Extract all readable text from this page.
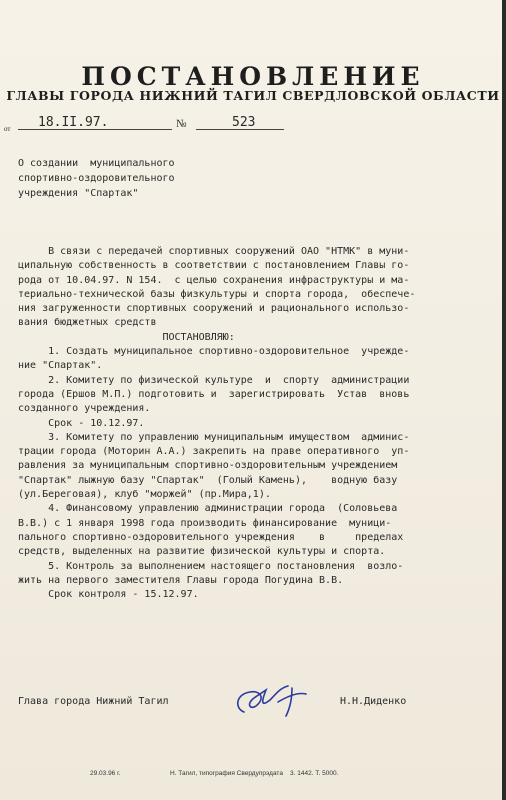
ПОСТАНОВЛЕНИЕ
ГЛАВЫ ГОРОДА НИЖНИЙ ТАГИЛ СВЕРДЛОВСКОЙ ОБЛАСТИ
от 18.II.97.	№	523
О создании  муниципального
спортивно-оздоровительного
учреждения "Спартак"
В связи с передачей спортивных сооружений ОАО "НТМК" в муни-
ципальную собственность в соответствии с постановлением Главы го-
рода от 10.04.97. N 154.  с целью сохранения инфраструктуры и ма-
териально-технической базы физкультуры и спорта города,  обеспече-
ния загруженности спортивных сооружений и рационального использо-
вания бюджетных средств
ПОСТАНОВЛЯЮ:
1. Создать муниципальное спортивно-оздоровительное  учрежде-
ние "Спартак".
2. Комитету по физической культуре  и  спорту  администрации
города (Ершов М.П.) подготовить и  зарегистрировать  Устав  вновь
созданного учреждения.
Срок - 10.12.97.
3. Комитету по управлению муниципальным имуществом  админис-
трации города (Моторин А.А.) закрепить на праве оперативного  уп-
равления за муниципальным спортивно-оздоровительным учреждением
"Спартак" лыжную базу "Спартак"  (Голый Камень),    водную базу
(ул.Береговая), клуб "моржей" (пр.Мира,1).
4. Финансовому управлению администрации города  (Соловьева
В.В.) с 1 января 1998 года производить финансирование  муници-
пального спортивно-оздоровительного учреждения    в     пределах
средств, выделенных на развитие физической культуры и спорта.
5. Контроль за выполнением настоящего постановления  возло-
жить на первого заместителя Главы города Погудина В.В.
Срок контроля - 15.12.97.
Глава города Нижний Тагил	Н.Н.Диденко
29.03.96 г.	Н. Тагил, типография Свердупрэдата 3. 1442. Т. 5000.
